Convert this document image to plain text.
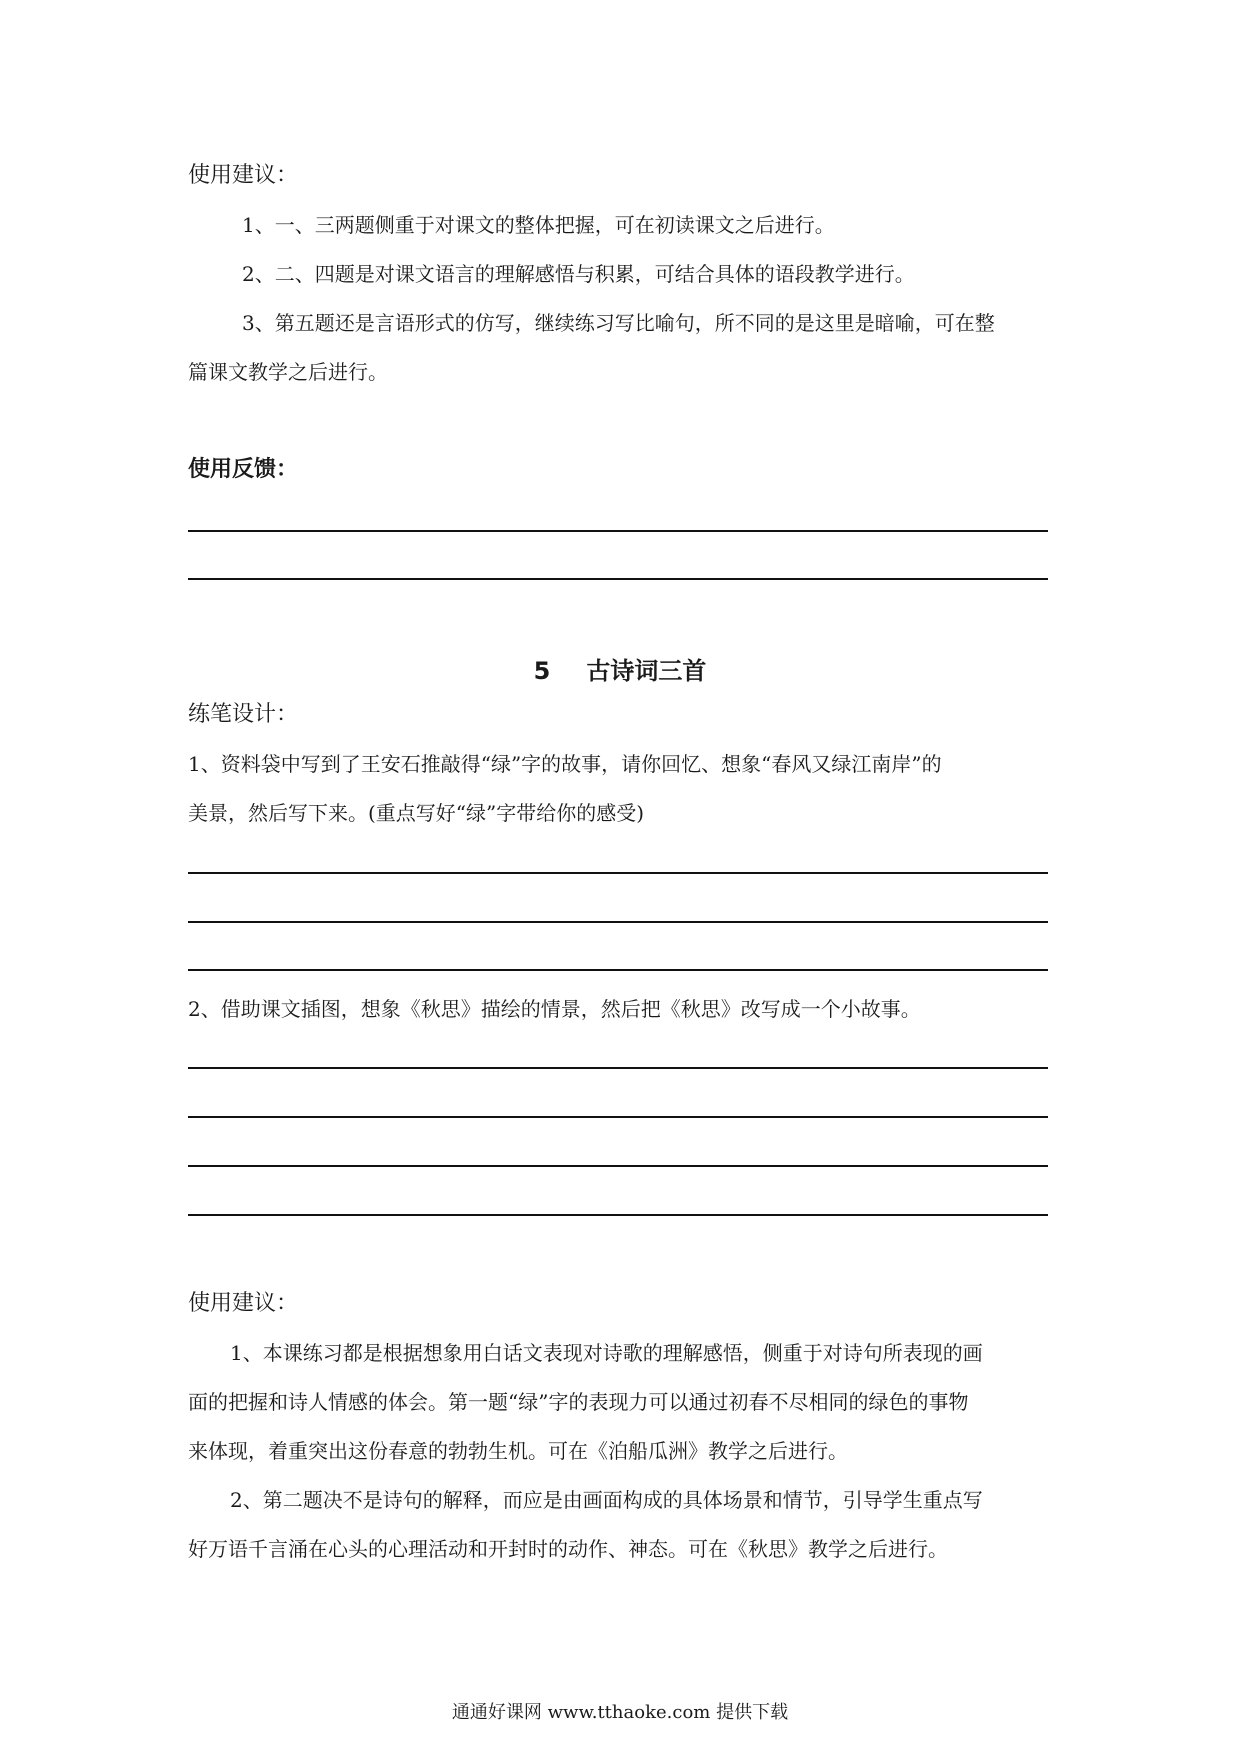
使用建议：
1、一、三两题侧重于对课文的整体把握，可在初读课文之后进行。
2、二、四题是对课文语言的理解感悟与积累，可结合具体的语段教学进行。
3、第五题还是言语形式的仿写，继续练习写比喻句，所不同的是这里是暗喻，可在整
篇课文教学之后进行。
使用反馈：
5 古诗词三首
练笔设计：
1、资料袋中写到了王安石推敲得“绿”字的故事，请你回忆、想象“春风又绿江南岸”的
美景，然后写下来。(重点写好“绿”字带给你的感受)
2、借助课文插图，想象《秋思》描绘的情景，然后把《秋思》改写成一个小故事。
使用建议：
1、本课练习都是根据想象用白话文表现对诗歌的理解感悟，侧重于对诗句所表现的画
面的把握和诗人情感的体会。第一题“绿”字的表现力可以通过初春不尽相同的绿色的事物
来体现，着重突出这份春意的勃勃生机。可在《泊船瓜洲》教学之后进行。
2、第二题决不是诗句的解释，而应是由画面构成的具体场景和情节，引导学生重点写
好万语千言涌在心头的心理活动和开封时的动作、神态。可在《秋思》教学之后进行。
通通好课网 www.tthaoke.com 提供下载
